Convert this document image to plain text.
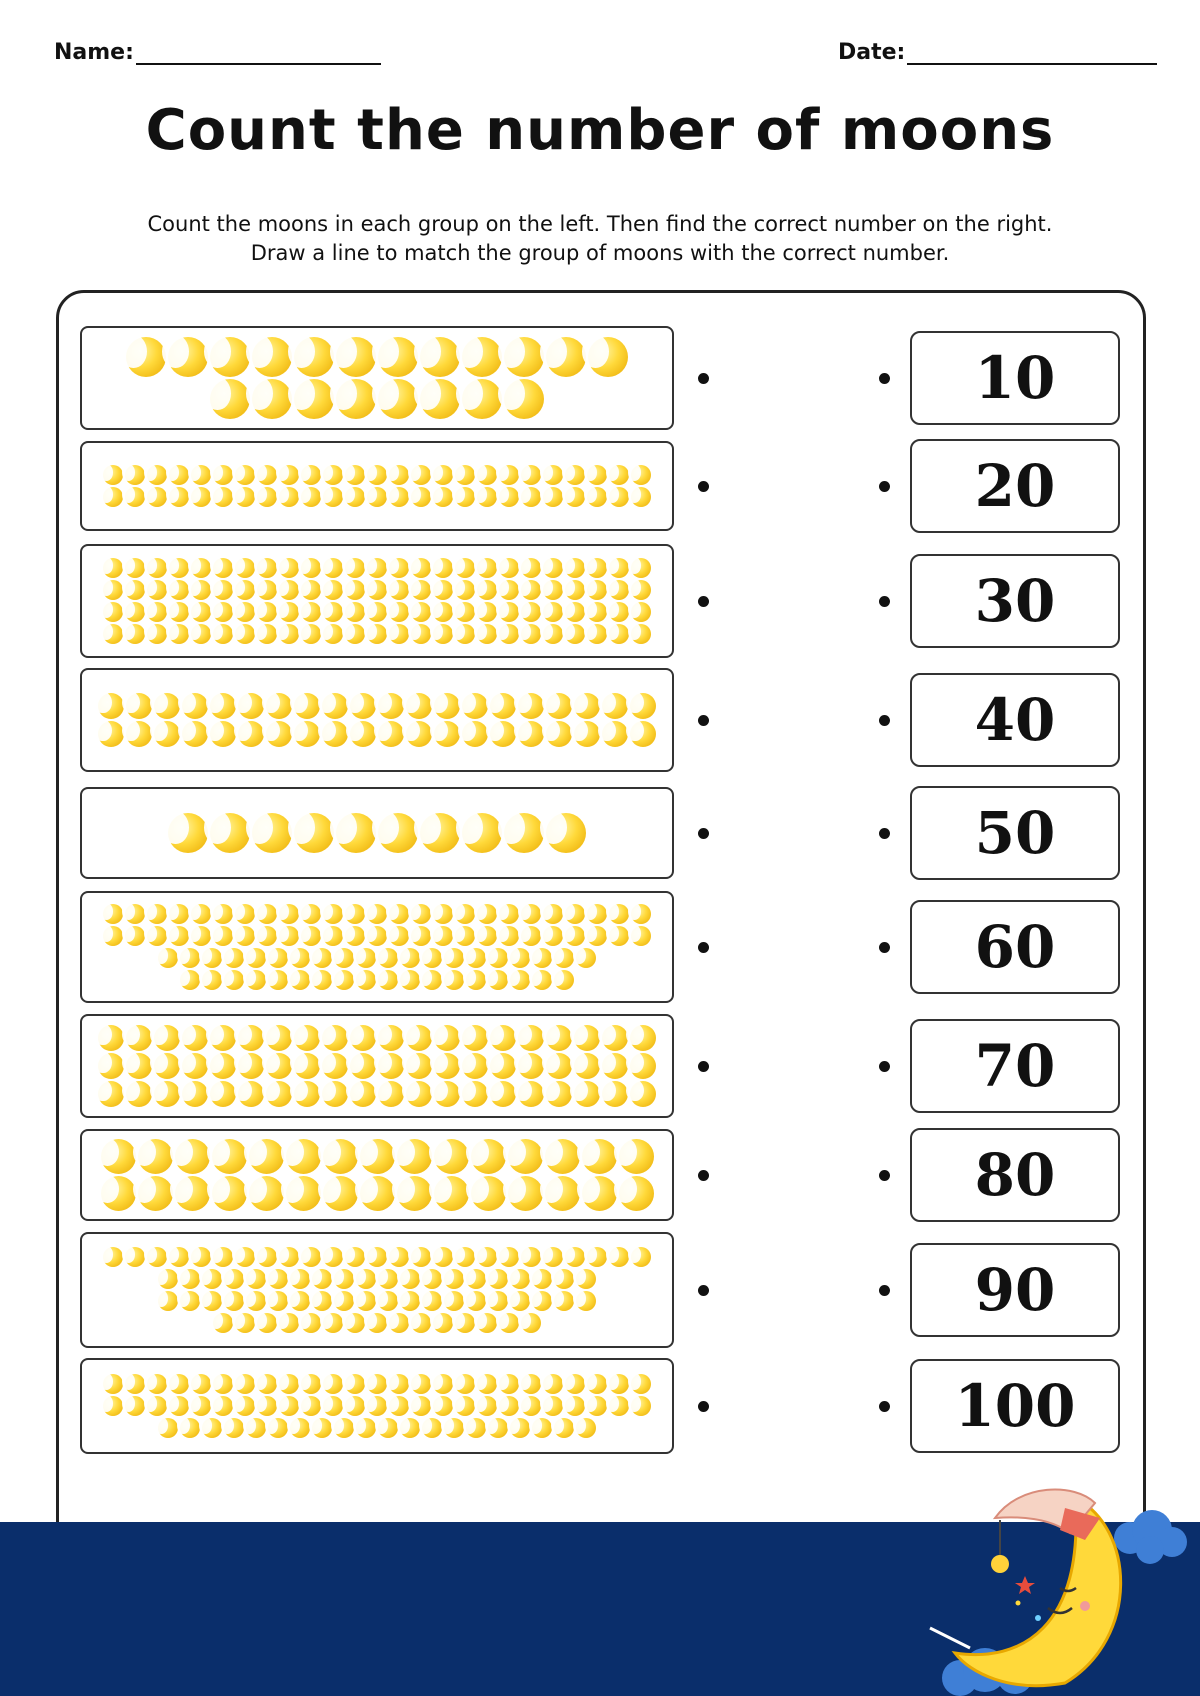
Name:	Date:
Count the number of moons
Count the moons in each group on the left. Then find the correct number on the right.
Draw a line to match the group of moons with the correct number.
10
20
30
40
50
60
70
80
90
100
